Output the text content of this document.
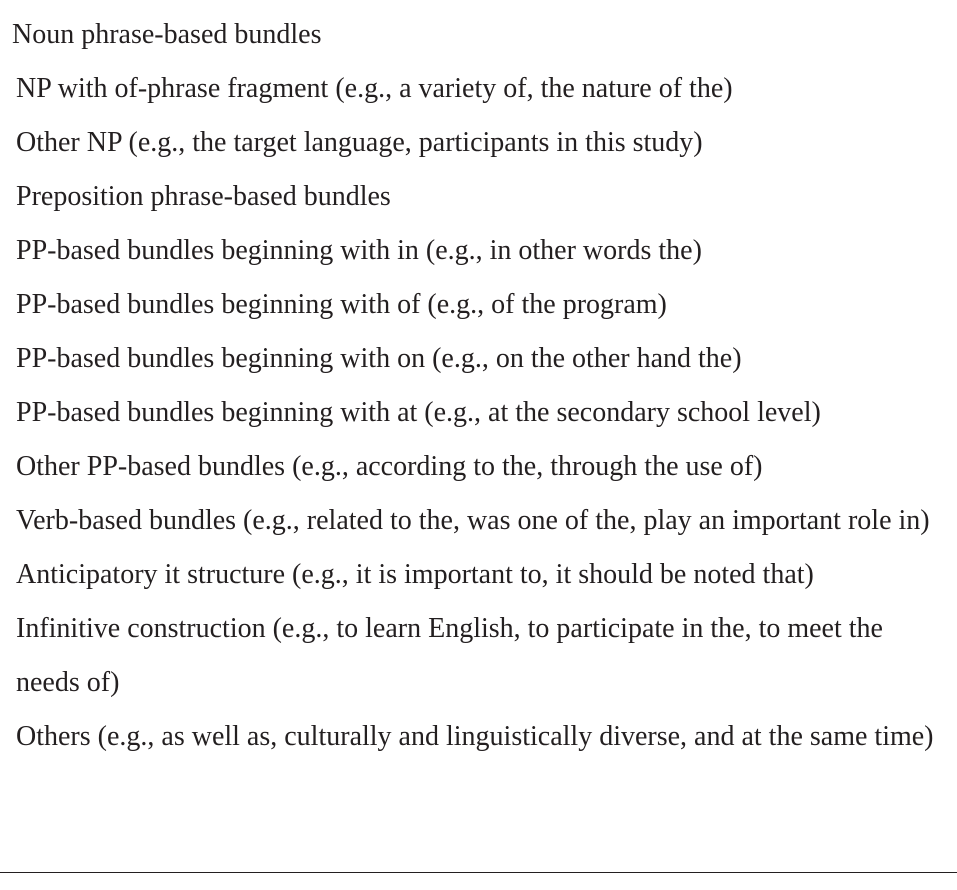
Noun phrase-based bundles
NP with of-phrase fragment (e.g., a variety of, the nature of the)
Other NP (e.g., the target language, participants in this study)
Preposition phrase-based bundles
PP-based bundles beginning with in (e.g., in other words the)
PP-based bundles beginning with of (e.g., of the program)
PP-based bundles beginning with on (e.g., on the other hand the)
PP-based bundles beginning with at (e.g., at the secondary school level)
Other PP-based bundles (e.g., according to the, through the use of)
Verb-based bundles (e.g., related to the, was one of the, play an important role in)
Anticipatory it structure (e.g., it is important to, it should be noted that)
Infinitive construction (e.g., to learn English, to participate in the, to meet the needs of)
Others (e.g., as well as, culturally and linguistically diverse, and at the same time)
